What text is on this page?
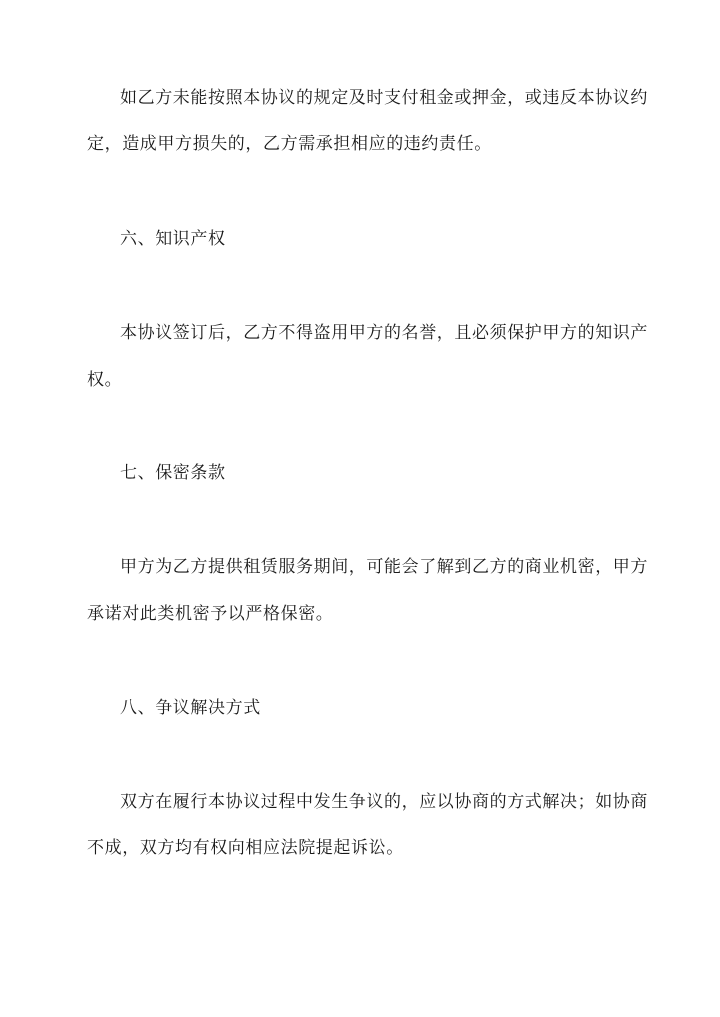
如乙方未能按照本协议的规定及时支付租金或押金，或违反本协议约
定，造成甲方损失的，乙方需承担相应的违约责任。
六、知识产权
本协议签订后，乙方不得盗用甲方的名誉，且必须保护甲方的知识产
权。
七、保密条款
甲方为乙方提供租赁服务期间，可能会了解到乙方的商业机密，甲方
承诺对此类机密予以严格保密。
八、争议解决方式
双方在履行本协议过程中发生争议的，应以协商的方式解决；如协商
不成，双方均有权向相应法院提起诉讼。
